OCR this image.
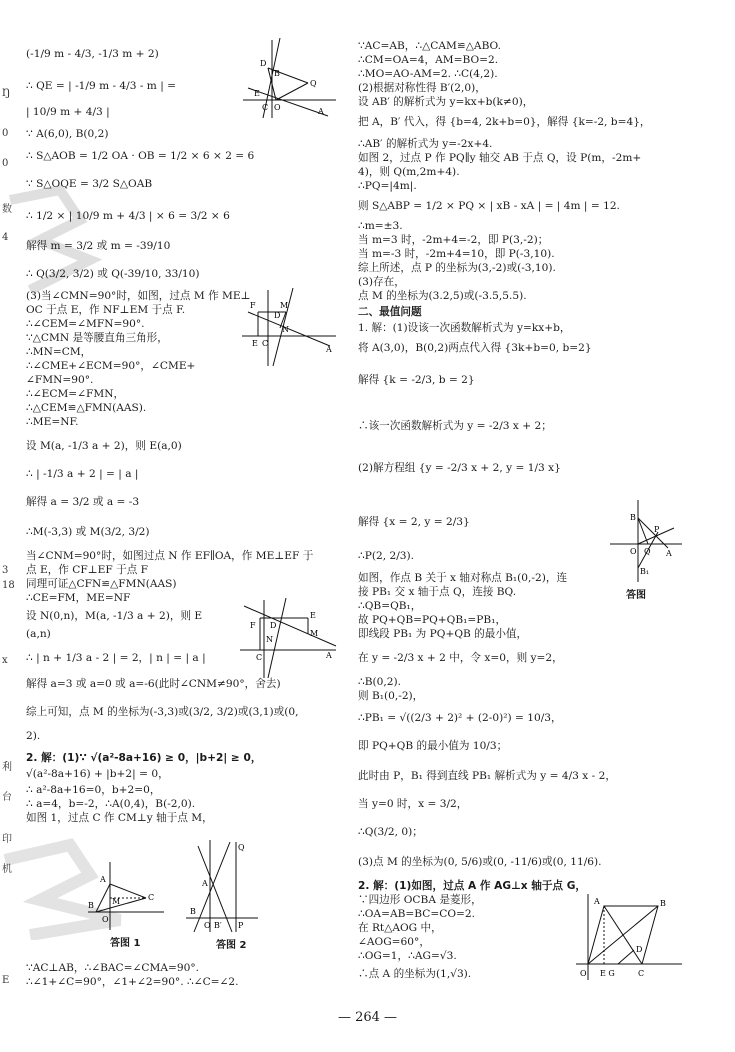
Ŋ
0
0
数
4
3
18
x
利
台
印
机
E
(-1/9 m - 4/3, -1/3 m + 2)
∴ QE = | -1/9 m - 4/3 - m | =
| 10/9 m + 4/3 |
∵ A(6,0), B(0,2)
∴ S△AOB = 1/2 OA · OB = 1/2 × 6 × 2 = 6
∵ S△OQE = 3/2 S△OAB
∴ 1/2 × | 10/9 m + 4/3 | × 6 = 3/2 × 6
解得 m = 3/2 或 m = -39/10
∴ Q(3/2, 3/2) 或 Q(-39/10, 33/10)
(3)当∠CMN=90°时，如图，过点 M 作 ME⊥
OC 于点 E，作 NF⊥EM 于点 F.
∴∠CEM=∠MFN=90°.
∵△CMN 是等腰直角三角形，
∴MN=CM，
∴∠CME+∠ECM=90°，∠CME+
∠FMN=90°.
∴∠ECM=∠FMN，
∴△CEM≌△FMN(AAS).
∴ME=NF.
设 M(a, -1/3 a + 2)，则 E(a,0)
∴ | -1/3 a + 2 | = | a |
解得 a = 3/2 或 a = -3
∴M(-3,3) 或 M(3/2, 3/2)
当∠CNM=90°时，如图过点 N 作 EF∥OA，作 ME⊥EF 于
点 E，作 CF⊥EF 于点 F
同理可证△CFN≌△FMN(AAS)
∴CE=FM，ME=NF
设 N(0,n)，M(a, -1/3 a + 2)，则 E
(a,n)
∴ | n + 1/3 a - 2 | = 2，| n | = | a |
解得 a=3 或 a=0 或 a=-6(此时∠CNM≠90°，舍去)
综上可知，点 M 的坐标为(-3,3)或(3/2, 3/2)或(3,1)或(0,
2).
2. 解：(1)∵ √(a²-8a+16) ≥ 0，|b+2| ≥ 0，
√(a²-8a+16) + |b+2| = 0，
∴ a²-8a+16=0，b+2=0，
∴ a=4，b=-2，∴A(0,4)，B(-2,0).
如图 1，过点 C 作 CM⊥y 轴于点 M，
∵AC⊥AB，∴∠BAC=∠CMA=90°.
∴∠1+∠C=90°，∠1+∠2=90°. ∴∠C=∠2.
D
B
Q
E
C O	A
F	M
N
D
E C
A
E
F D
M
N
C	A
A
M	C
B
O
答图 1
Q
A
B
B′ P
O
答图 2
∵AC=AB，∴△CAM≌△ABO.
∴CM=OA=4，AM=BO=2.
∴MO=AO-AM=2. ∴C(4,2).
(2)根据对称性得 B′(2,0)，
设 AB′ 的解析式为 y=kx+b(k≠0)，
把 A，B′ 代入，得 {b=4, 2k+b=0}，解得 {k=-2, b=4}，
∴AB′ 的解析式为 y=-2x+4.
如图 2，过点 P 作 PQ∥y 轴交 AB 于点 Q，设 P(m，-2m+
4)，则 Q(m,2m+4).
∴PQ=|4m|.
则 S△ABP = 1/2 × PQ × | xB - xA | = | 4m | = 12.
∴m=±3.
当 m=3 时，-2m+4=-2，即 P(3,-2)；
当 m=-3 时，-2m+4=10，即 P(-3,10).
综上所述，点 P 的坐标为(3,-2)或(-3,10).
(3)存在，
点 M 的坐标为(3.2,5)或(-3.5,5.5).
二、最值问题
1. 解：(1)设该一次函数解析式为 y=kx+b，
将 A(3,0)，B(0,2)两点代入得 {3k+b=0, b=2}
解得 {k = -2/3, b = 2}
∴该一次函数解析式为 y = -2/3 x + 2；
(2)解方程组 {y = -2/3 x + 2, y = 1/3 x}
解得 {x = 2, y = 2/3}
∴P(2, 2/3).
如图，作点 B 关于 x 轴对称点 B₁(0,-2)，连
接 PB₁ 交 x 轴于点 Q，连接 BQ.
∴QB=QB₁，
故 PQ+QB=PQ+QB₁=PB₁，
即线段 PB₁ 为 PQ+QB 的最小值，
在 y = -2/3 x + 2 中，令 x=0，则 y=2，
∴B(0,2).
则 B₁(0,-2)，
∴PB₁ = √((2/3 + 2)² + (2-0)²) = 10/3，
即 PQ+QB 的最小值为 10/3；
此时由 P，B₁ 得到直线 PB₁ 解析式为 y = 4/3 x - 2，
当 y=0 时，x = 3/2，
∴Q(3/2, 0)；
(3)点 M 的坐标为(0, 5/6)或(0, -11/6)或(0, 11/6).
2. 解：(1)如图，过点 A 作 AG⊥x 轴于点 G，
∵四边形 OCBA 是菱形，
∴OA=AB=BC=CO=2.
在 Rt△AOG 中，
∠AOG=60°，
∴OG=1，∴AG=√3.
∴点 A 的坐标为(1,√3).
B
P
Q A
B₁
O
答图
A	B
D
O E G	C
— 264 —
